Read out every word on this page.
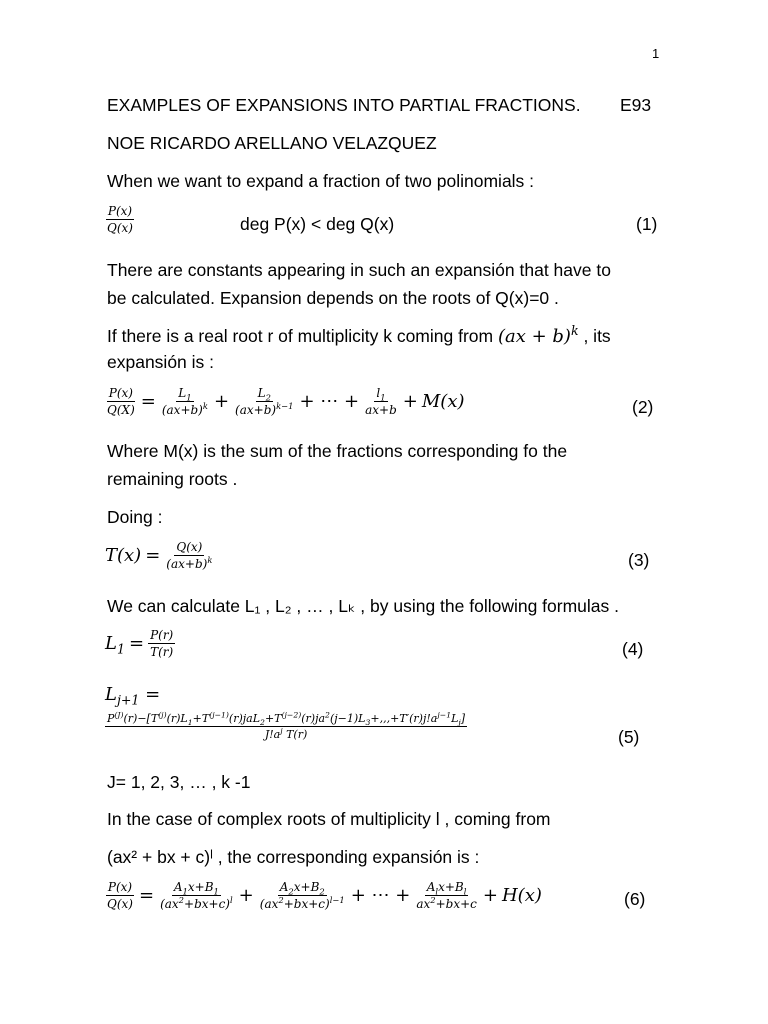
1
EXAMPLES OF EXPANSIONS INTO PARTIAL FRACTIONS. E93
NOE RICARDO ARELLANO VELAZQUEZ
When we want to expand a fraction of two polinomials :
$\frac{P(x)}{Q(x)}$	deg P(x) < deg Q(x)	(1)
There are constants appearing in such an expansión that have to
be calculated. Expansion depends on the roots of Q(x)=0 .
If there is a real root r of multiplicity k coming from (ax + b)$^k$ , its
expansión is :
$\frac{P(x)}{Q(X)} = \frac{L_1}{(ax+b)^k} + \frac{L_2}{(ax+b)^{k-1}}$ + ⋯ + $\frac{l_1}{ax+b} + M(x)$	(2)
Where M(x) is the sum of the fractions corresponding fo the
remaining roots .
Doing :
$T(x) = \frac{Q(x)}{(ax+b)^k}$	(3)
We can calculate L₁ , L₂ , … , Lₖ , by using the following formulas .
$L_1 = \frac{P(r)}{T(r)}$	(4)
$L_{j+1}$ =
$P^{(J)}(r)-[T^{(j)}(r)L_1+T^{(j-1)}(r)jaL_2+T^{(j-2)}(r)ja^2(j-1)L_3+,,,+T'(r)j!a^{j-1}L_j]$
$J!a^j$ T(r)	(5)
J= 1, 2, 3, … , k -1
In the case of complex roots of multiplicity l , coming from
(ax² + bx + c)ˡ , the corresponding expansión is :
$\frac{P(x)}{Q(x)} = \frac{A_1x+B_1}{(ax^2+bx+c)^l} + \frac{A_2x+B_2}{(ax^2+bx+c)^{l-1}}$ + ⋯ + $\frac{A_lx+B_l}{ax^2+bx+c} + H(x)$	(6)
